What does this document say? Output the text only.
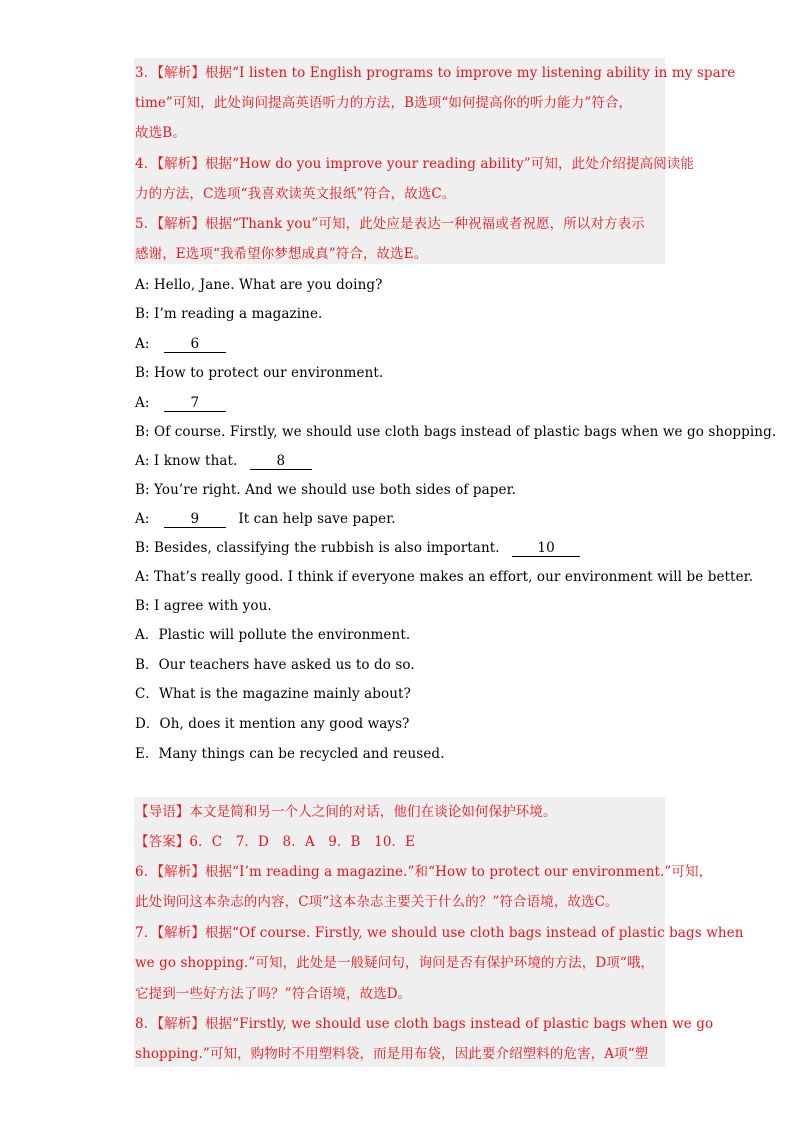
3．【解析】根据“I listen to English programs to improve my listening ability in my spare
time”可知，此处询问提高英语听力的方法，B选项“如何提高你的听力能力”符合，
故选B。
4．【解析】根据“How do you improve your reading ability”可知，此处介绍提高阅读能
力的方法，C选项“我喜欢读英文报纸”符合，故选C。
5．【解析】根据“Thank you”可知，此处应是表达一种祝福或者祝愿，所以对方表示
感谢，E选项“我希望你梦想成真”符合，故选E。
A: Hello, Jane. What are you doing?
B: I’m reading a magazine.
A:	6
B: How to protect our environment.
A:	7
B: Of course. Firstly, we should use cloth bags instead of plastic bags when we go shopping.
A: I know that.	8
B: You’re right. And we should use both sides of paper.
A:	9	It can help save paper.
B: Besides, classifying the rubbish is also important.	10
A: That’s really good. I think if everyone makes an effort, our environment will be better.
B: I agree with you.
A．Plastic will pollute the environment.
B．Our teachers have asked us to do so.
C．What is the magazine mainly about?
D．Oh, does it mention any good ways?
E．Many things can be recycled and reused.
【导语】本文是简和另一个人之间的对话，他们在谈论如何保护环境。
【答案】6．C　7．D　8．A　9．B　10．E
6．【解析】根据“I’m reading a magazine.”和“How to protect our environment.”可知，
此处询问这本杂志的内容，C项“这本杂志主要关于什么的？”符合语境，故选C。
7．【解析】根据“Of course. Firstly, we should use cloth bags instead of plastic bags when
we go shopping.”可知，此处是一般疑问句，询问是否有保护环境的方法，D项“哦，
它提到一些好方法了吗？”符合语境，故选D。
8．【解析】根据“Firstly, we should use cloth bags instead of plastic bags when we go
shopping.”可知，购物时不用塑料袋，而是用布袋，因此要介绍塑料的危害，A项“塑
